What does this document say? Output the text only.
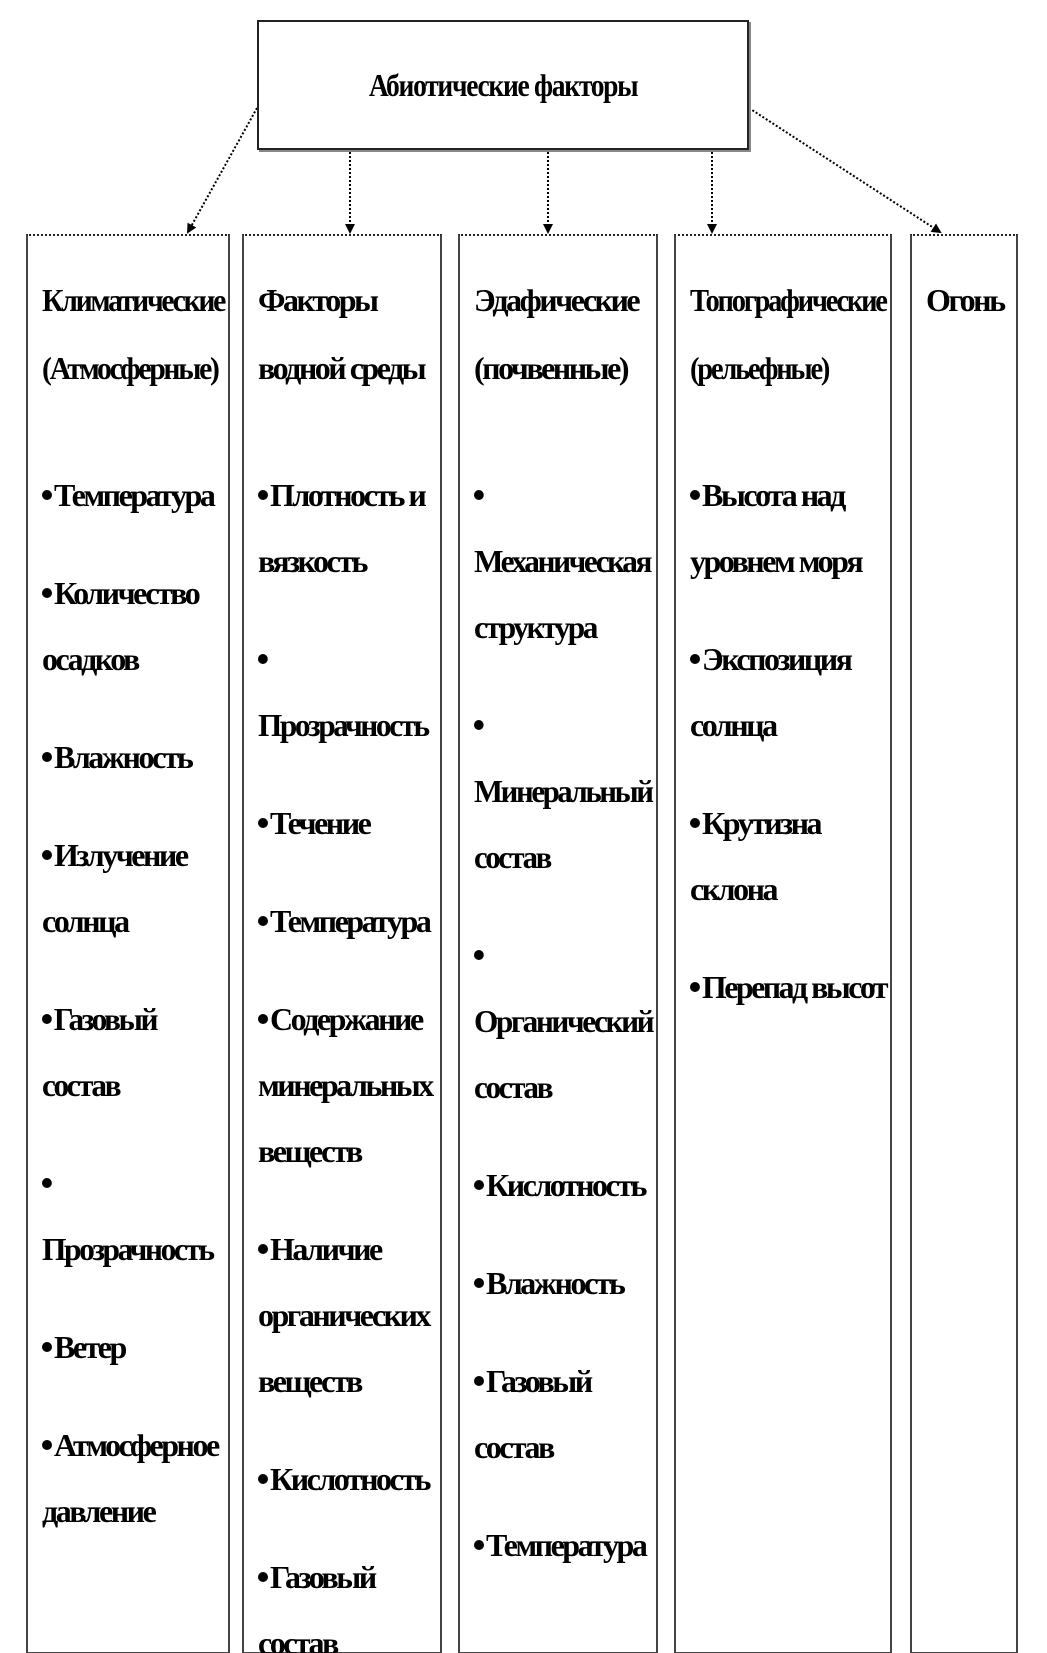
Абиотические факторы
Климатические
(Атмосферные)
Температура
Количество
осадков
Влажность
Излучение
солнца
Газовый состав
Прозрачность
Ветер
Атмосферное
давление
Факторы
водной среды
Плотность и
вязкость
Прозрачность
Течение
Температура
Содержание
минеральных
веществ
Наличие
органических
веществ
Кислотность
Газовый
состав
Эдафические
(почвенные)
Механическая
структура
Минеральный
состав
Органический
состав
Кислотность
Влажность
Газовый
состав
Температура
Топографические
(рельефные)
Высота над
уровнем моря
Экспозиция
солнца
Крутизна
склона
Перепад высот
Огонь
